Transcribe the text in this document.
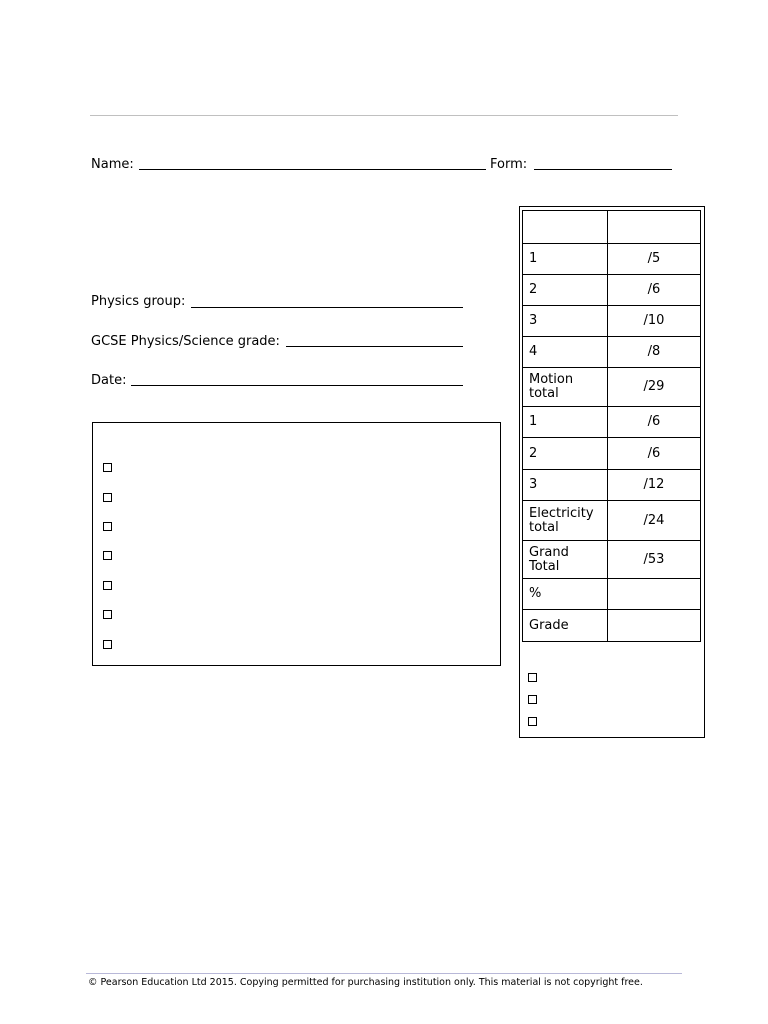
Name:	Form:
Physics group:
GCSE Physics/Science grade:
Date:

1	/5
2	/6
3	/10
4	/8
Motion total	/29
1	/6
2	/6
3	/12
Electricity total	/24
Grand Total	/53
%	
Grade	
© Pearson Education Ltd 2015. Copying permitted for purchasing institution only. This material is not copyright free.
